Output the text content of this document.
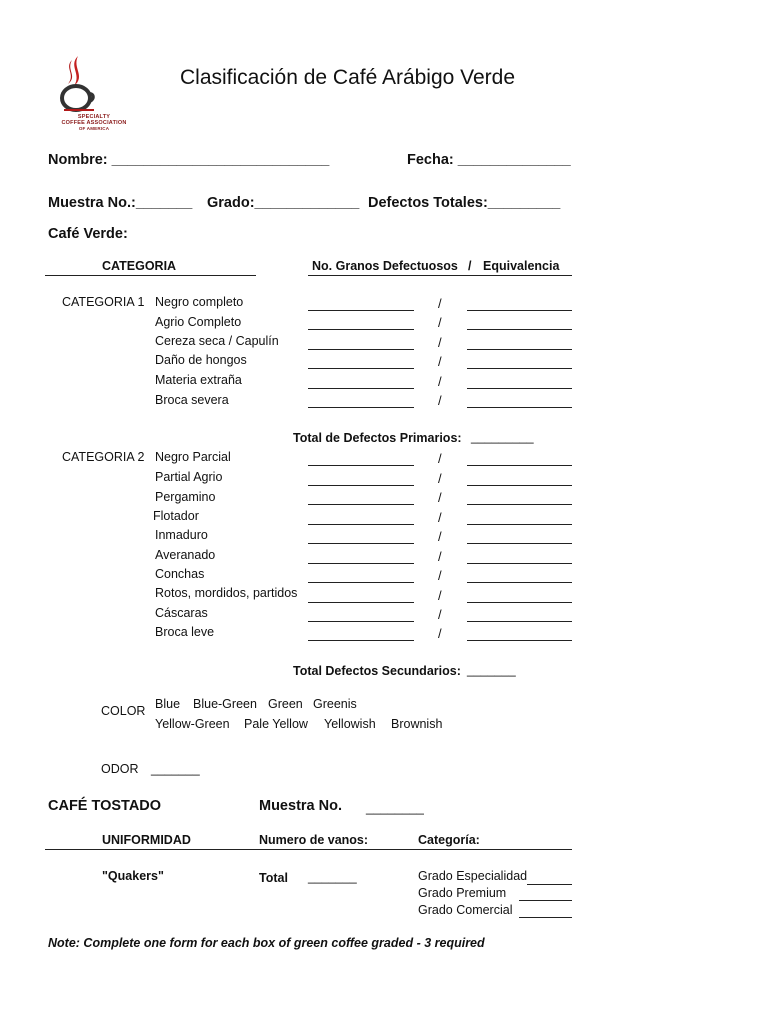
SPECIALTY
COFFEE ASSOCIATION
OF AMERICA
Clasificación de Café Arábigo Verde
Nombre: ___________________________	Fecha: ______________
Muestra No.:_______ Grado:_____________ Defectos Totales:_________
Café Verde:
CATEGORIA	No. Granos Defectuosos / Equivalencia
CATEGORIA 1 Negro completo	/
Agrio Completo	/
Cereza seca / Capulín	/
Daño de hongos	/
Materia extraña	/
Broca severa	/
Total de Defectos Primarios: _________
CATEGORIA 2 Negro Parcial	/
Partial Agrio	/
Pergamino	/
Flotador	/
Inmaduro	/
Averanado	/
Conchas	/
Rotos, mordidos, partidos	/
Cáscaras	/
Broca leve	/
Total Defectos Secundarios: _______
COLOR Blue Blue-Green Green Greenis
Yellow-Green Pale Yellow Yellowish Brownish
ODOR _______
CAFÉ TOSTADO	Muestra No. ________
UNIFORMIDAD	Numero de vanos:	Categoría:
"Quakers"	Total _______	Grado Especialidad
Grado Premium
Grado Comercial
Note: Complete one form for each box of green coffee graded - 3 required
